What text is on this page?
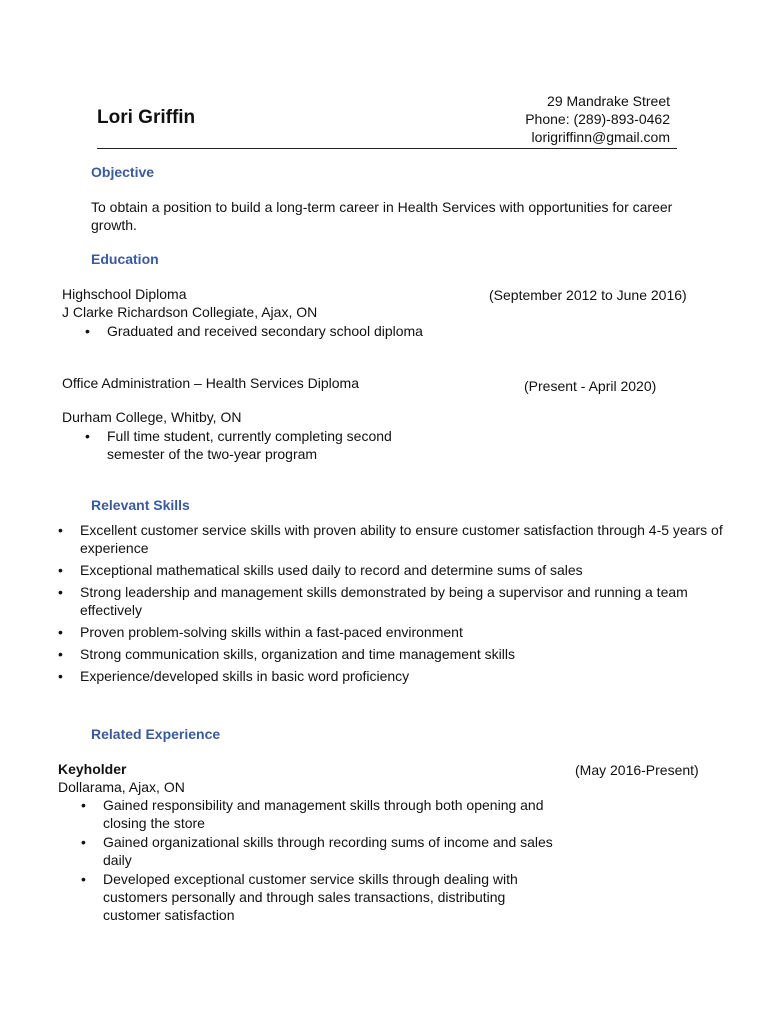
Lori Griffin
29 Mandrake Street
Phone: (289)-893-0462
lorigriffinn@gmail.com
Objective
To obtain a position to build a long-term career in Health Services with opportunities for career growth.
Education
Highschool Diploma	(September 2012 to June 2016)
J Clarke Richardson Collegiate, Ajax, ON
• Graduated and received secondary school diploma
Office Administration – Health Services Diploma	(Present - April 2020)
Durham College, Whitby, ON
• Full time student, currently completing second semester of the two-year program
Relevant Skills
• Excellent customer service skills with proven ability to ensure customer satisfaction through 4-5 years of experience
• Exceptional mathematical skills used daily to record and determine sums of sales
• Strong leadership and management skills demonstrated by being a supervisor and running a team effectively
• Proven problem-solving skills within a fast-paced environment
• Strong communication skills, organization and time management skills
• Experience/developed skills in basic word proficiency
Related Experience
Keyholder	(May 2016-Present)
Dollarama, Ajax, ON
• Gained responsibility and management skills through both opening and closing the store
• Gained organizational skills through recording sums of income and sales daily
• Developed exceptional customer service skills through dealing with customers personally and through sales transactions, distributing customer satisfaction
